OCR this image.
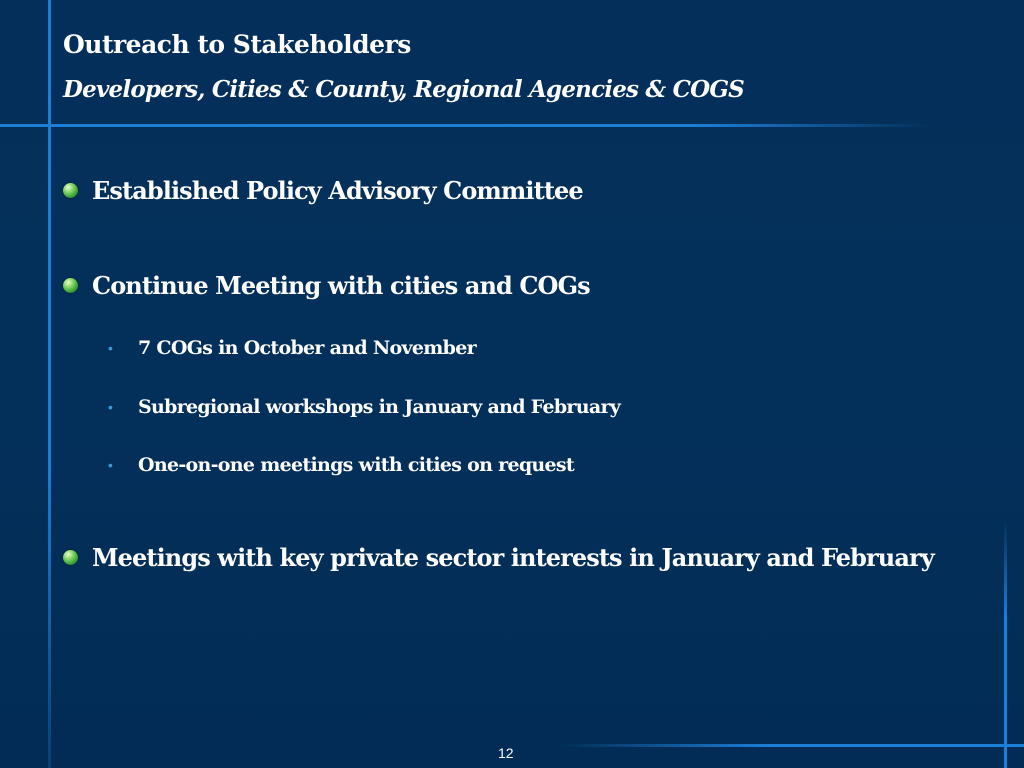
Outreach to Stakeholders
Developers, Cities & County, Regional Agencies & COGS
Established Policy Advisory Committee
Continue Meeting with cities and COGs
•	7 COGs in October and November
•	Subregional workshops in January and February
•	One-on-one meetings with cities on request
Meetings with key private sector interests in January and February
12
